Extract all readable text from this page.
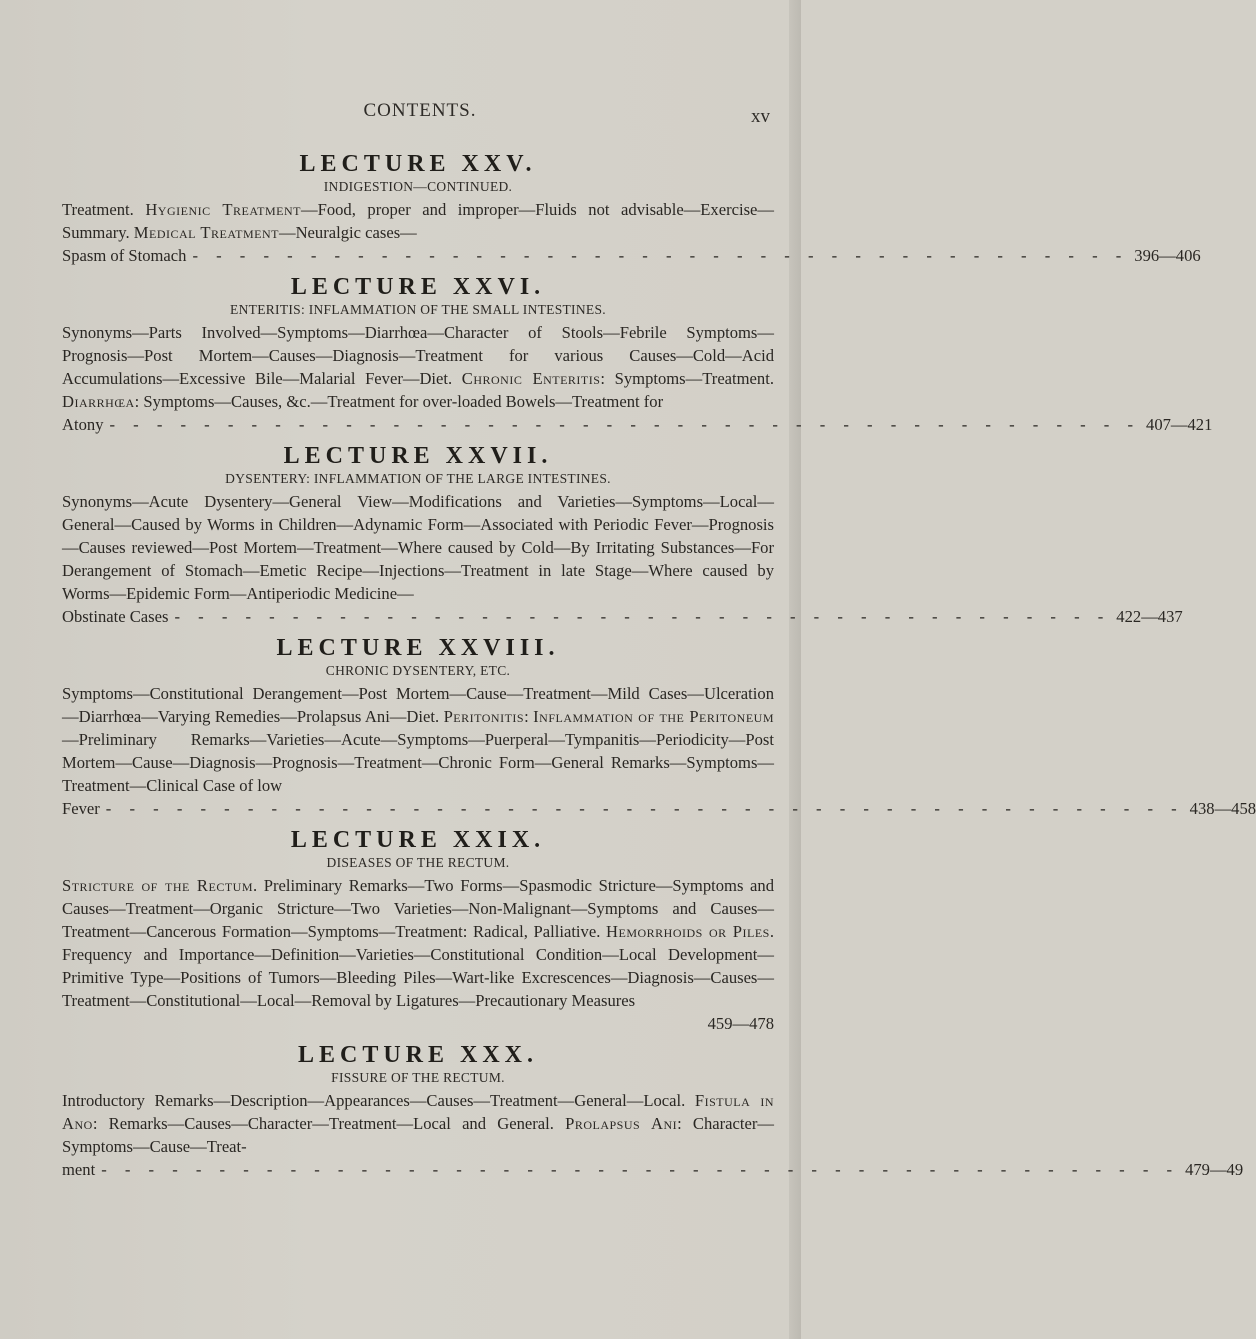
CONTENTS.	xv

LECTURE XXV.

INDIGESTION—CONTINUED.

Treatment. Hygienic Treatment—Food, proper and improper—Fluids not advisable—Exercise—Summary. Medical Treatment—Neuralgic cases—

Spasm of Stomach - - - - - - - - - - - - - - - - - - - - - - - - - - - - - - - - - - - - - - - - 396—406

LECTURE XXVI.

ENTERITIS: INFLAMMATION OF THE SMALL INTESTINES.

Synonyms—Parts Involved—Symptoms—Diarrhœa—Character of Stools—Febrile Symptoms—Prognosis—Post Mortem—Causes—Diagnosis—Treatment for various Causes—Cold—Acid Accumulations—Excessive Bile—Malarial Fever—Diet. Chronic Enteritis: Symptoms—Treatment. Diarrhœa: Symptoms—Causes, &c.—Treatment for over-loaded Bowels—Treatment for

Atony - - - - - - - - - - - - - - - - - - - - - - - - - - - - - - - - - - - - - - - - - - - - 407—421

LECTURE XXVII.

DYSENTERY: INFLAMMATION OF THE LARGE INTESTINES.

Synonyms—Acute Dysentery—General View—Modifications and Varieties—Symptoms—Local—General—Caused by Worms in Children—Adynamic Form—Associated with Periodic Fever—Prognosis—Causes reviewed—Post Mortem—Treatment—Where caused by Cold—By Irritating Substances—For Derangement of Stomach—Emetic Recipe—Injections—Treatment in late Stage—Where caused by Worms—Epidemic Form—Antiperiodic Medicine—

Obstinate Cases - - - - - - - - - - - - - - - - - - - - - - - - - - - - - - - - - - - - - - - - 422—437

LECTURE XXVIII.

CHRONIC DYSENTERY, ETC.

Symptoms—Constitutional Derangement—Post Mortem—Cause—Treatment—Mild Cases—Ulceration—Diarrhœa—Varying Remedies—Prolapsus Ani—Diet. Peritonitis: Inflammation of the Peritoneum—Preliminary Remarks—Varieties—Acute—Symptoms—Puerperal—Tympanitis—Periodicity—Post Mortem—Cause—Diagnosis—Prognosis—Treatment—Chronic Form—General Remarks—Symptoms—Treatment—Clinical Case of low

Fever - - - - - - - - - - - - - - - - - - - - - - - - - - - - - - - - - - - - - - - - - - - - - - 438—458

LECTURE XXIX.

DISEASES OF THE RECTUM.

Stricture of the Rectum. Preliminary Remarks—Two Forms—Spasmodic Stricture—Symptoms and Causes—Treatment—Organic Stricture—Two Varieties—Non-Malignant—Symptoms and Causes—Treatment—Cancerous Formation—Symptoms—Treatment: Radical, Palliative. Hemorrhoids or Piles. Frequency and Importance—Definition—Varieties—Constitutional Condition—Local Development—Primitive Type—Positions of Tumors—Bleeding Piles—Wart-like Excrescences—Diagnosis—Causes—Treatment—Constitutional—Local—Removal by Ligatures—Precautionary Measures

459—478

LECTURE XXX.

FISSURE OF THE RECTUM.

Introductory Remarks—Description—Appearances—Causes—Treatment—General—Local. Fistula in Ano: Remarks—Causes—Character—Treatment—Local and General. Prolapsus Ani: Character—Symptoms—Cause—Treat-

ment - - - - - - - - - - - - - - - - - - - - - - - - - - - - - - - - - - - - - - - - - - - - - - 479—49
